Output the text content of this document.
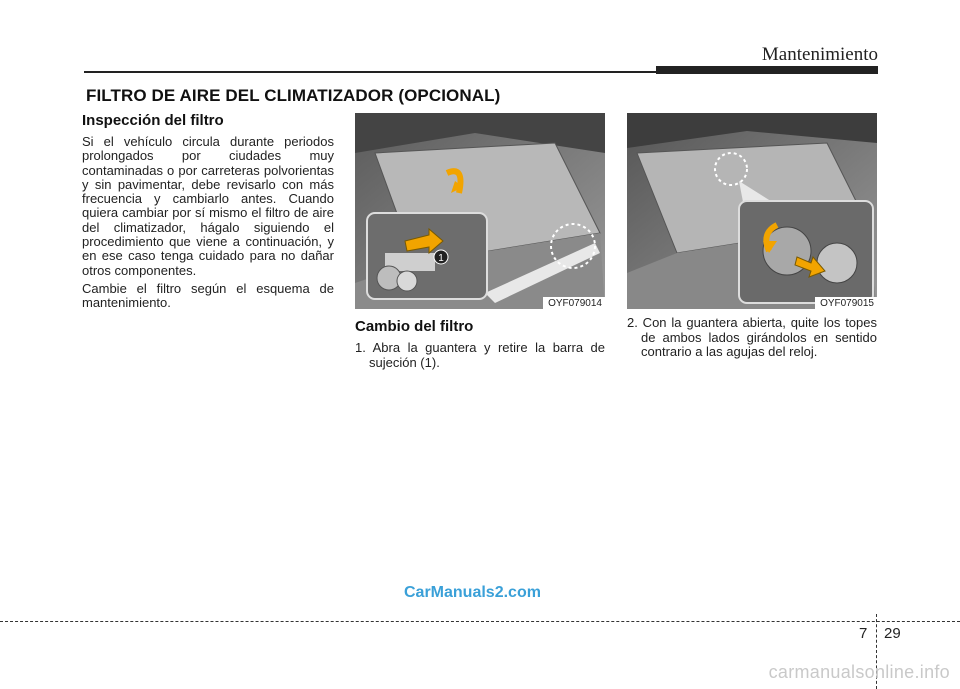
Mantenimiento
FILTRO DE AIRE DEL CLIMATIZADOR (OPCIONAL)
Inspección del filtro

Si el vehículo circula durante periodos prolongados por ciudades muy contaminadas o por carreteras polvorientas y sin pavimentar, debe revisarlo con más frecuencia y cambiarlo antes. Cuando quiera cambiar por sí mismo el filtro de aire del climatizador, hágalo siguiendo el procedimiento que viene a continuación, y en ese caso tenga cuidado para no dañar otros componentes.

Cambie el filtro según el esquema de mantenimiento.

1
OYF079014	OYF079015
Cambio del filtro

1. Abra la guantera y retire la barra de sujeción (1).

2. Con la guantera abierta, quite los topes de ambos lados girándolos en sentido contrario a las agujas del reloj.

CarManuals2.com
7 29
carmanualsonline.info
